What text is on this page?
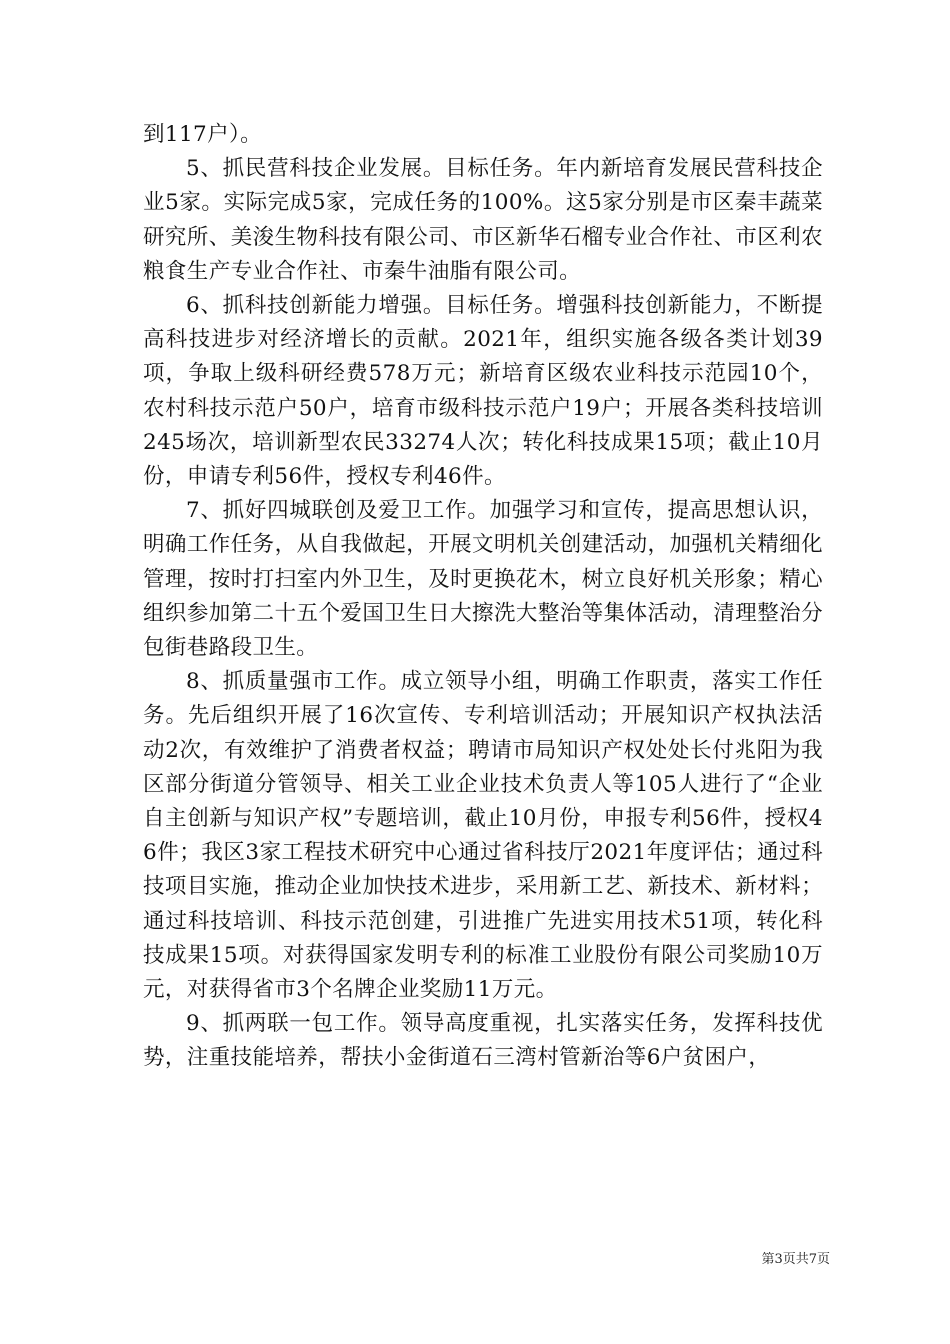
到117户）。

5、抓民营科技企业发展。目标任务。年内新培育发展民营科技企业5家。实际完成5家，完成任务的100%。这5家分别是市区秦丰蔬菜研究所、美浚生物科技有限公司、市区新华石榴专业合作社、市区利农粮食生产专业合作社、市秦牛油脂有限公司。

6、抓科技创新能力增强。目标任务。增强科技创新能力，不断提高科技进步对经济增长的贡献。2021年，组织实施各级各类计划39项，争取上级科研经费578万元；新培育区级农业科技示范园10个，农村科技示范户50户，培育市级科技示范户19户；开展各类科技培训245场次，培训新型农民33274人次；转化科技成果15项；截止10月份，申请专利56件，授权专利46件。

7、抓好四城联创及爱卫工作。加强学习和宣传，提高思想认识，明确工作任务，从自我做起，开展文明机关创建活动，加强机关精细化管理，按时打扫室内外卫生，及时更换花木，树立良好机关形象；精心组织参加第二十五个爱国卫生日大擦洗大整治等集体活动，清理整治分包街巷路段卫生。

8、抓质量强市工作。成立领导小组，明确工作职责，落实工作任务。先后组织开展了16次宣传、专利培训活动；开展知识产权执法活动2次，有效维护了消费者权益；聘请市局知识产权处处长付兆阳为我区部分街道分管领导、相关工业企业技术负责人等105人进行了“企业自主创新与知识产权”专题培训，截止10月份，申报专利56件，授权46件；我区3家工程技术研究中心通过省科技厅2021年度评估；通过科技项目实施，推动企业加快技术进步，采用新工艺、新技术、新材料；通过科技培训、科技示范创建，引进推广先进实用技术51项，转化科技成果15项。对获得国家发明专利的标准工业股份有限公司奖励10万元，对获得省市3个名牌企业奖励11万元。

9、抓两联一包工作。领导高度重视，扎实落实任务，发挥科技优势，注重技能培养，帮扶小金街道石三湾村管新治等6户贫困户，

第3页共7页
